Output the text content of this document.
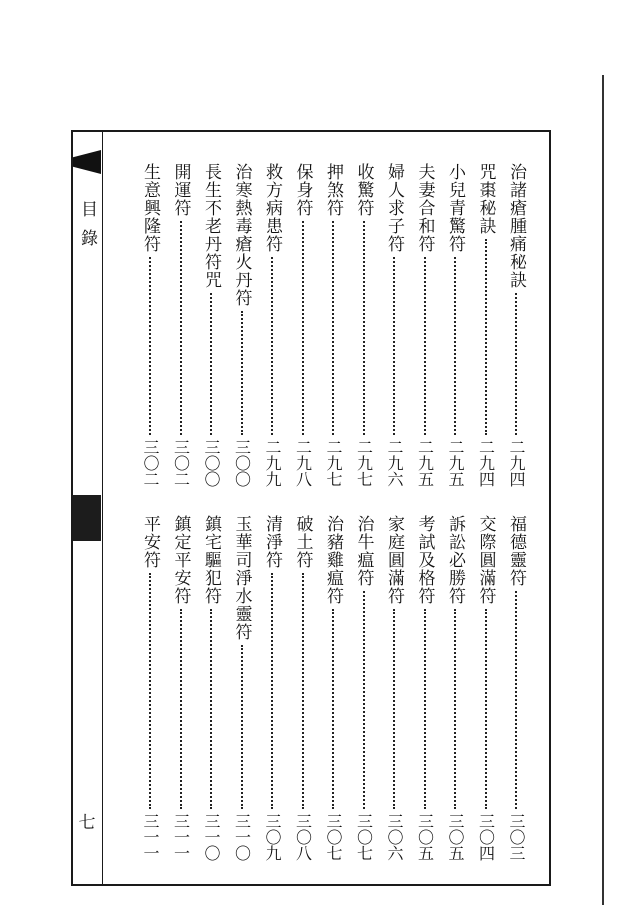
目錄
七
治諸瘡腫痛秘訣
二九四
咒棗秘訣
二九四
小兒青驚符
二九五
夫妻合和符
二九五
婦人求子符
二九六
收驚符
二九七
押煞符
二九七
保身符
二九八
救方病患符
二九九
治寒熱毒瘡火丹符
三〇〇
長生不老丹符咒
三〇〇
開運符
三〇二
生意興隆符
三〇二
福德靈符
三〇三
交際圓滿符
三〇四
訴訟必勝符
三〇五
考試及格符
三〇五
家庭圓滿符
三〇六
治牛瘟符
三〇七
治豬雞瘟符
三〇七
破土符
三〇八
清淨符
三〇九
玉華司淨水靈符
三一〇
鎮宅驅犯符
三一〇
鎮定平安符
三一一
平安符
三一一
